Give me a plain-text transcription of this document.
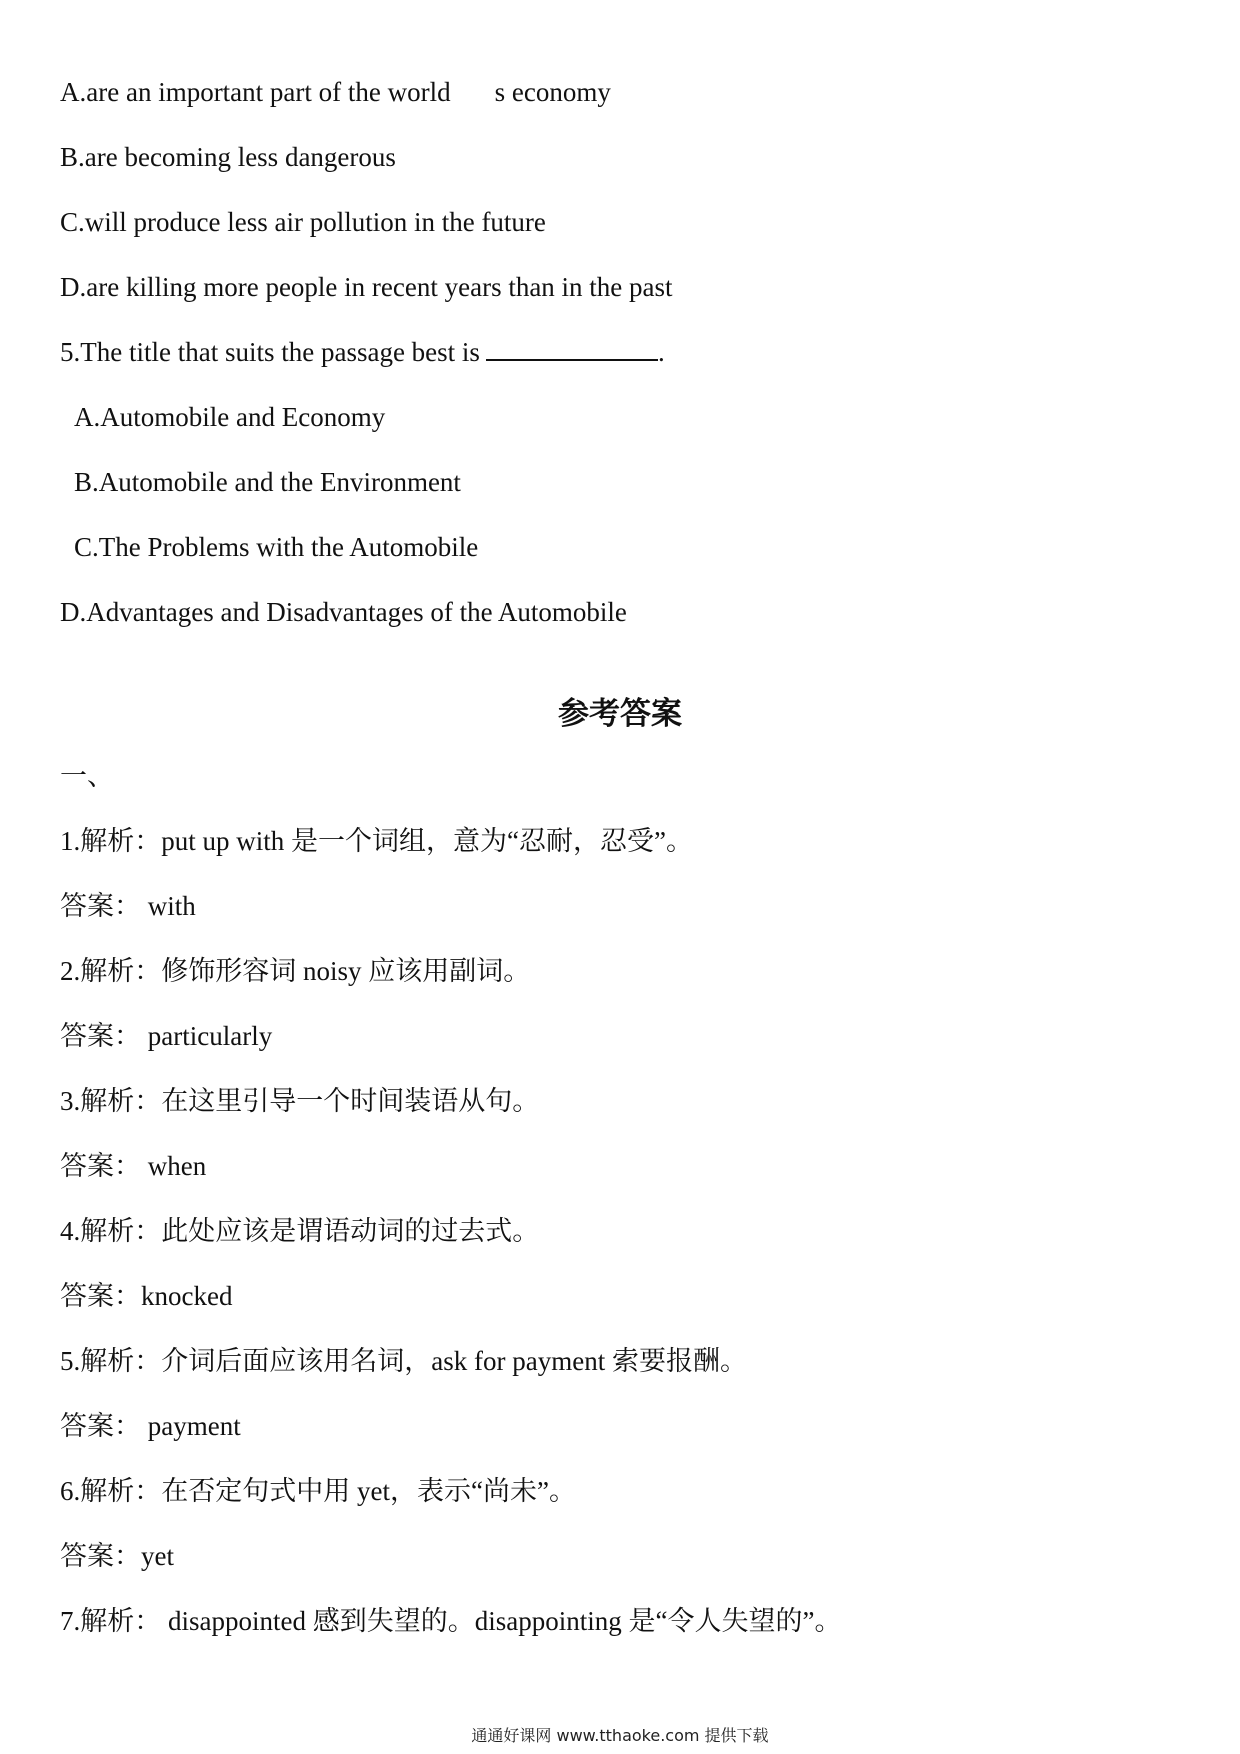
A.are an important part of the world s economy
B.are becoming less dangerous
C.will produce less air pollution in the future
D.are killing more people in recent years than in the past
5.The title that suits the passage best is	.
A.Automobile and Economy
B.Automobile and the Environment
C.The Problems with the Automobile
D.Advantages and Disadvantages of the Automobile
参考答案
一、
1.解析：put up with 是一个词组，意为“忍耐，忍受”。
答案： with
2.解析：修饰形容词 noisy 应该用副词。
答案： particularly
3.解析：在这里引导一个时间装语从句。
答案： when
4.解析：此处应该是谓语动词的过去式。
答案：knocked
5.解析：介词后面应该用名词，ask for payment 索要报酬。
答案： payment
6.解析：在否定句式中用 yet，表示“尚未”。
答案：yet
7.解析： disappointed 感到失望的。disappointing 是“令人失望的”。
通通好课网 www.tthaoke.com 提供下载
